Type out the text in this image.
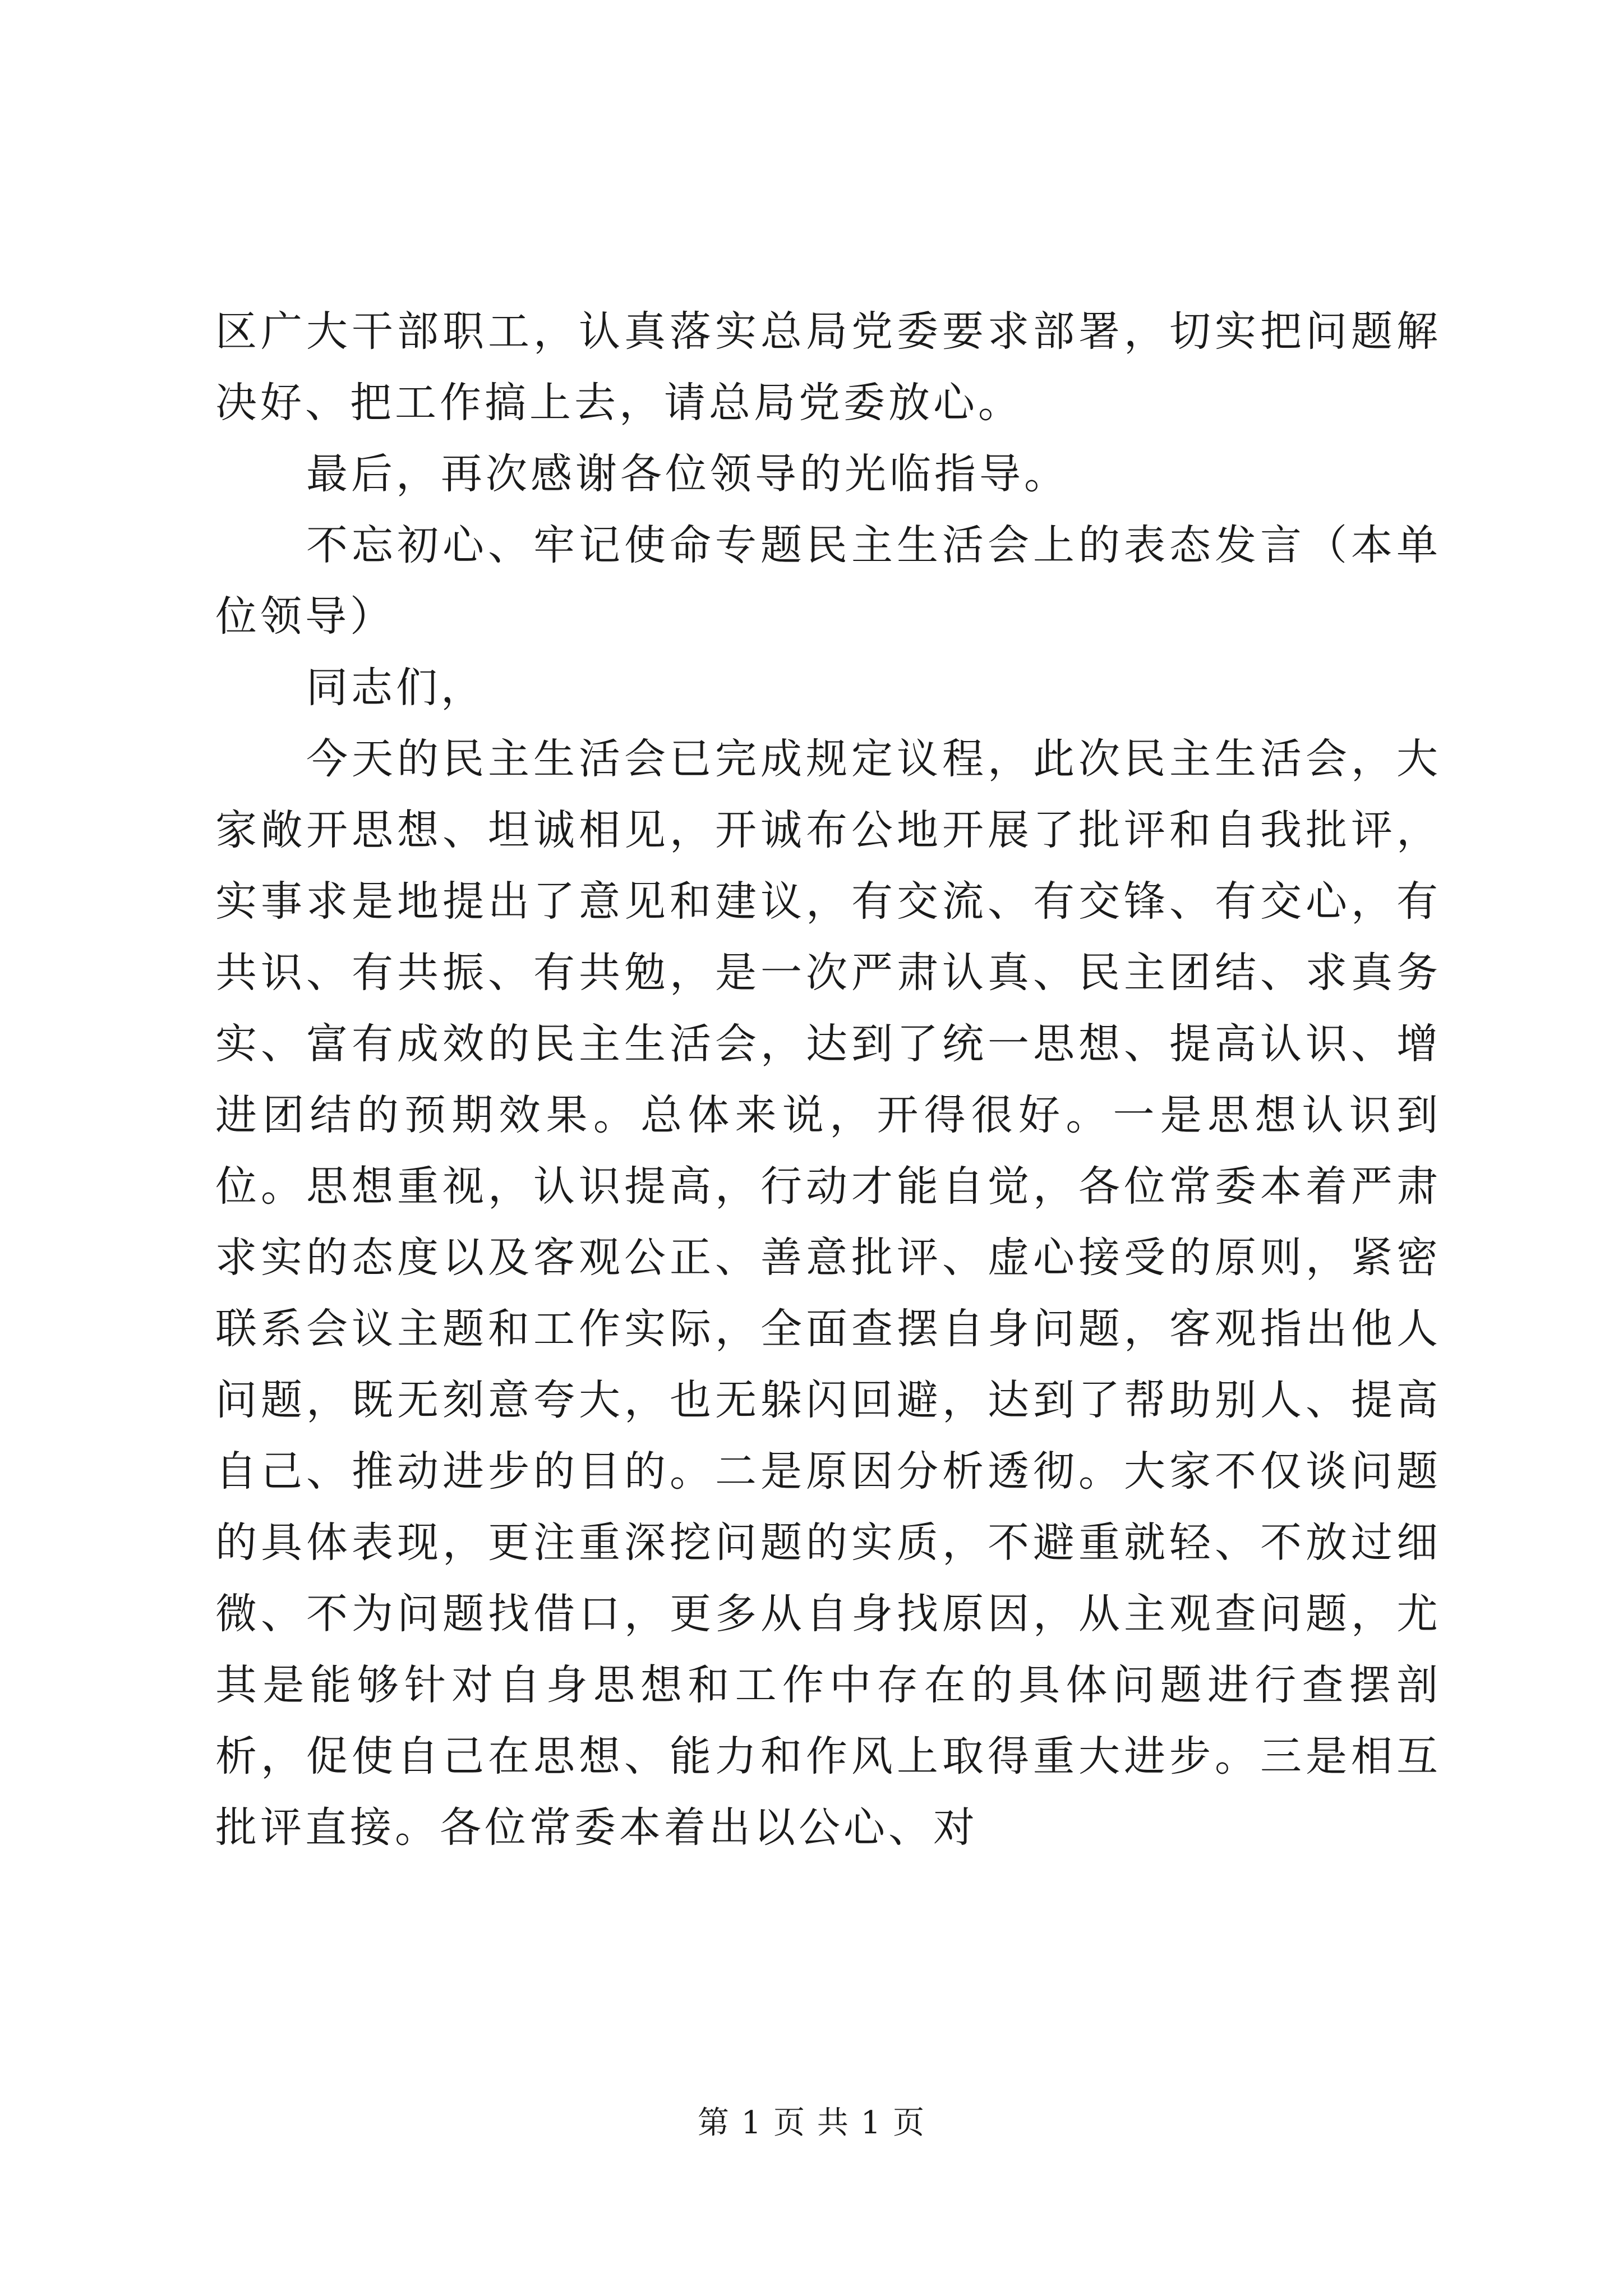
区广大干部职工，认真落实总局党委要求部署，切实把问题解决好、把工作搞上去，请总局党委放心。

最后，再次感谢各位领导的光临指导。

不忘初心、牢记使命专题民主生活会上的表态发言（本单位领导）

同志们，

今天的民主生活会已完成规定议程，此次民主生活会，大家敞开思想、坦诚相见，开诚布公地开展了批评和自我批评，实事求是地提出了意见和建议，有交流、有交锋、有交心，有共识、有共振、有共勉，是一次严肃认真、民主团结、求真务实、富有成效的民主生活会，达到了统一思想、提高认识、增进团结的预期效果。总体来说，开得很好。一是思想认识到位。思想重视，认识提高，行动才能自觉，各位常委本着严肃求实的态度以及客观公正、善意批评、虚心接受的原则，紧密联系会议主题和工作实际，全面查摆自身问题，客观指出他人问题，既无刻意夸大，也无躲闪回避，达到了帮助别人、提高自己、推动进步的目的。二是原因分析透彻。大家不仅谈问题的具体表现，更注重深挖问题的实质，不避重就轻、不放过细微、不为问题找借口，更多从自身找原因，从主观查问题，尤其是能够针对自身思想和工作中存在的具体问题进行查摆剖析，促使自己在思想、能力和作风上取得重大进步。三是相互批评直接。各位常委本着出以公心、对

第 1 页 共 1 页
